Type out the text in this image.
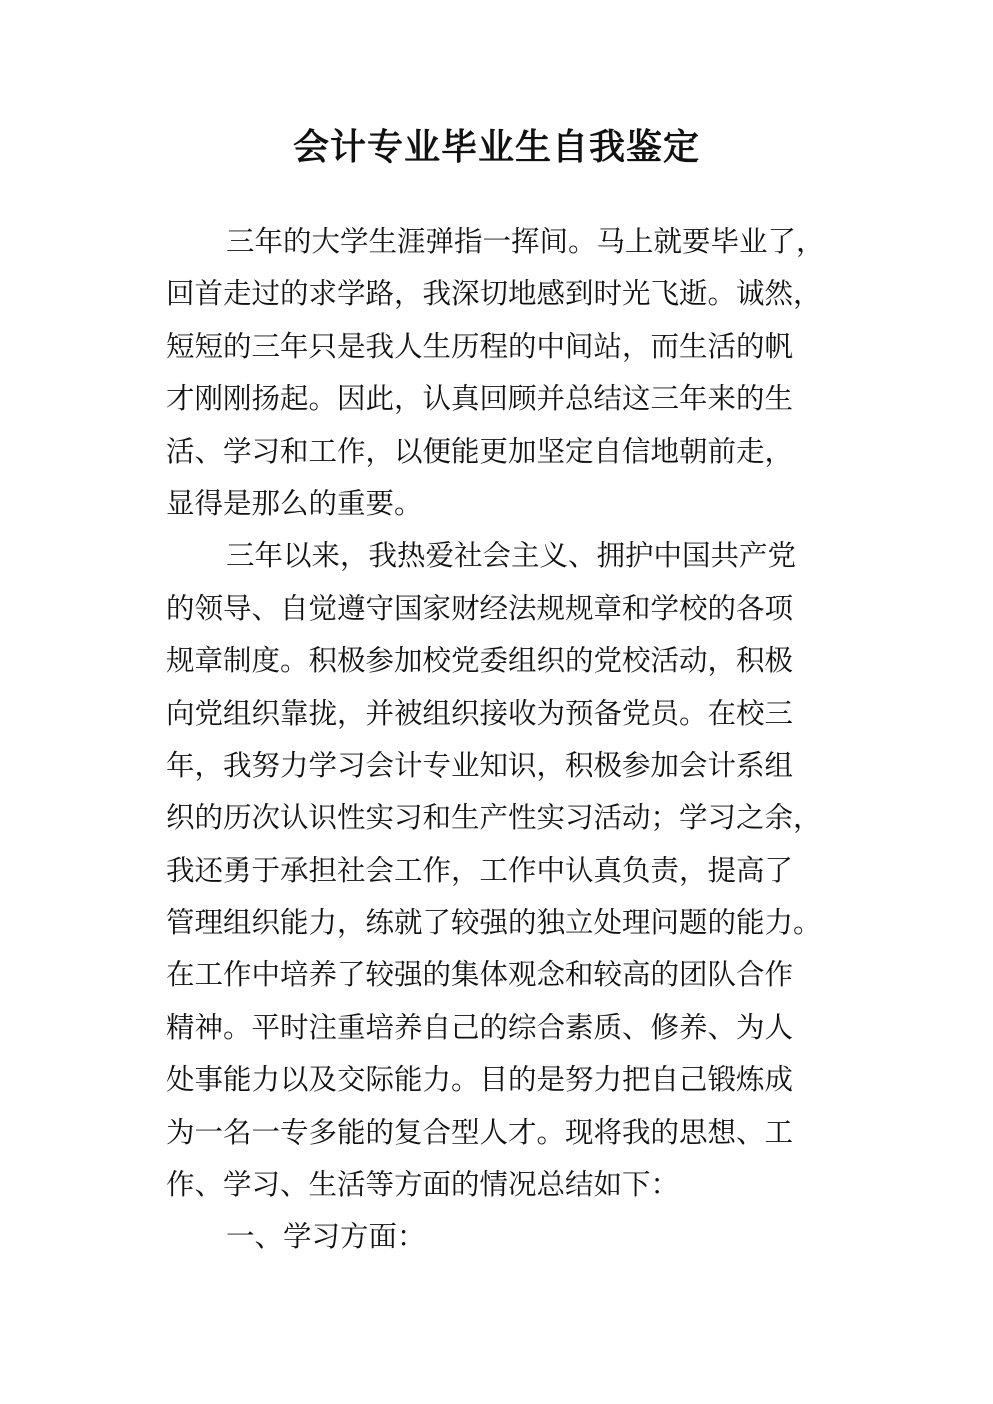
会计专业毕业生自我鉴定
三年的大学生涯弹指一挥间。马上就要毕业了，
回首走过的求学路，我深切地感到时光飞逝。诚然，
短短的三年只是我人生历程的中间站，而生活的帆
才刚刚扬起。因此，认真回顾并总结这三年来的生
活、学习和工作，以便能更加坚定自信地朝前走，
显得是那么的重要。
三年以来，我热爱社会主义、拥护中国共产党
的领导、自觉遵守国家财经法规规章和学校的各项
规章制度。积极参加校党委组织的党校活动，积极
向党组织靠拢，并被组织接收为预备党员。在校三
年，我努力学习会计专业知识，积极参加会计系组
织的历次认识性实习和生产性实习活动；学习之余，
我还勇于承担社会工作，工作中认真负责，提高了
管理组织能力，练就了较强的独立处理问题的能力。
在工作中培养了较强的集体观念和较高的团队合作
精神。平时注重培养自己的综合素质、修养、为人
处事能力以及交际能力。目的是努力把自己锻炼成
为一名一专多能的复合型人才。现将我的思想、工
作、学习、生活等方面的情况总结如下：
一、学习方面：
